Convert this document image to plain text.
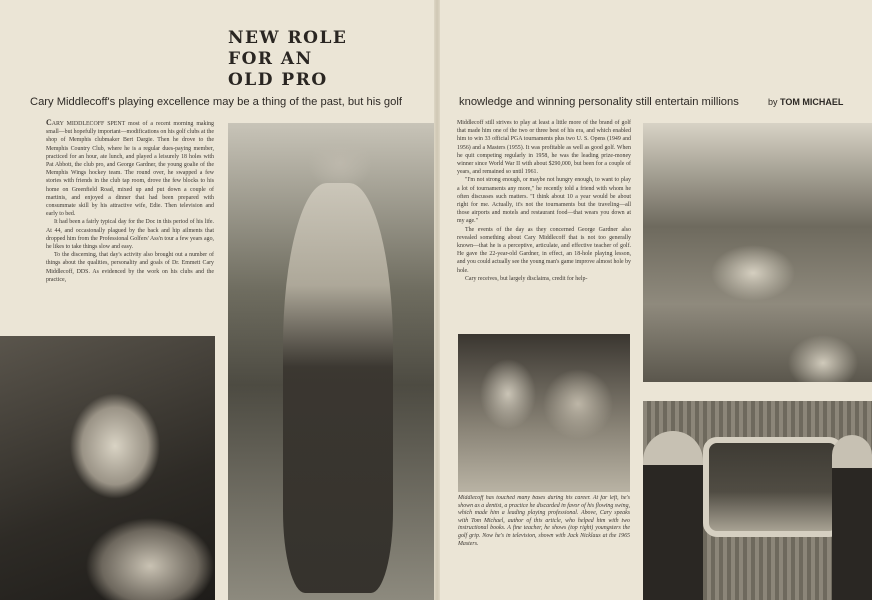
NEW ROLE
FOR AN
OLD PRO
Cary Middlecoff's playing excellence may be a thing of the past, but his golf	knowledge and winning personality still entertain millions	by TOM MICHAEL

CARY MIDDLECOFF SPENT most of a recent morning making small—but hopefully important—modifications on his golf clubs at the shop of Memphis clubmaker Bert Dargie. Then he drove to the Memphis Country Club, where he is a regular dues-paying member, practiced for an hour, ate lunch, and played a leisurely 18 holes with Pat Abbott, the club pro, and George Gardner, the young goalie of the Memphis Wings hockey team. The round over, he swapped a few stories with friends in the club tap room, drove the few blocks to his home on Greenfield Road, mixed up and put down a couple of martinis, and enjoyed a dinner that had been prepared with consummate skill by his attractive wife, Edie. Then television and early to bed.

It had been a fairly typical day for the Doc in this period of his life. At 44, and occasionally plagued by the back and hip ailments that dropped him from the Professional Golfers' Ass'n tour a few years ago, he likes to take things slow and easy.

To the discerning, that day's activity also brought out a number of things about the qualities, personality and goals of Dr. Emmett Cary Middlecoff, DDS. As evidenced by the work on his clubs and the practice,

Middlecoff still strives to play at least a little more of the brand of golf that made him one of the two or three best of his era, and which enabled him to win 33 official PGA tournaments plus two U. S. Opens (1949 and 1956) and a Masters (1955). It was profitable as well as good golf. When he quit competing regularly in 1958, he was the leading prize-money winner since World War II with about $290,000, but been for a couple of years, and remained so until 1961.

"I'm not strong enough, or maybe not hungry enough, to want to play a lot of tournaments any more," he recently told a friend with whom he often discusses such matters. "I think about 10 a year would be about right for me. Actually, it's not the tournaments but the traveling—all those airports and motels and restaurant food—that wears you down at my age."

The events of the day as they concerned George Gardner also revealed something about Cary Middlecoff that is not too generally known—that he is a perceptive, articulate, and effective teacher of golf. He gave the 22-year-old Gardner, in effect, an 18-hole playing lesson, and you could actually see the young man's game improve almost hole by hole.

Cary receives, but largely disclaims, credit for help-

Middlecoff has touched many bases during his career. At far left, he's shown as a dentist, a practice he discarded in favor of his flowing swing, which made him a leading playing professional. Above, Cary speaks with Tom Michael, author of this article, who helped him with two instructional books. A fine teacher, he shows (top right) youngsters the golf grip. Now he's in television, shown with Jack Nicklaus at the 1965 Masters.
